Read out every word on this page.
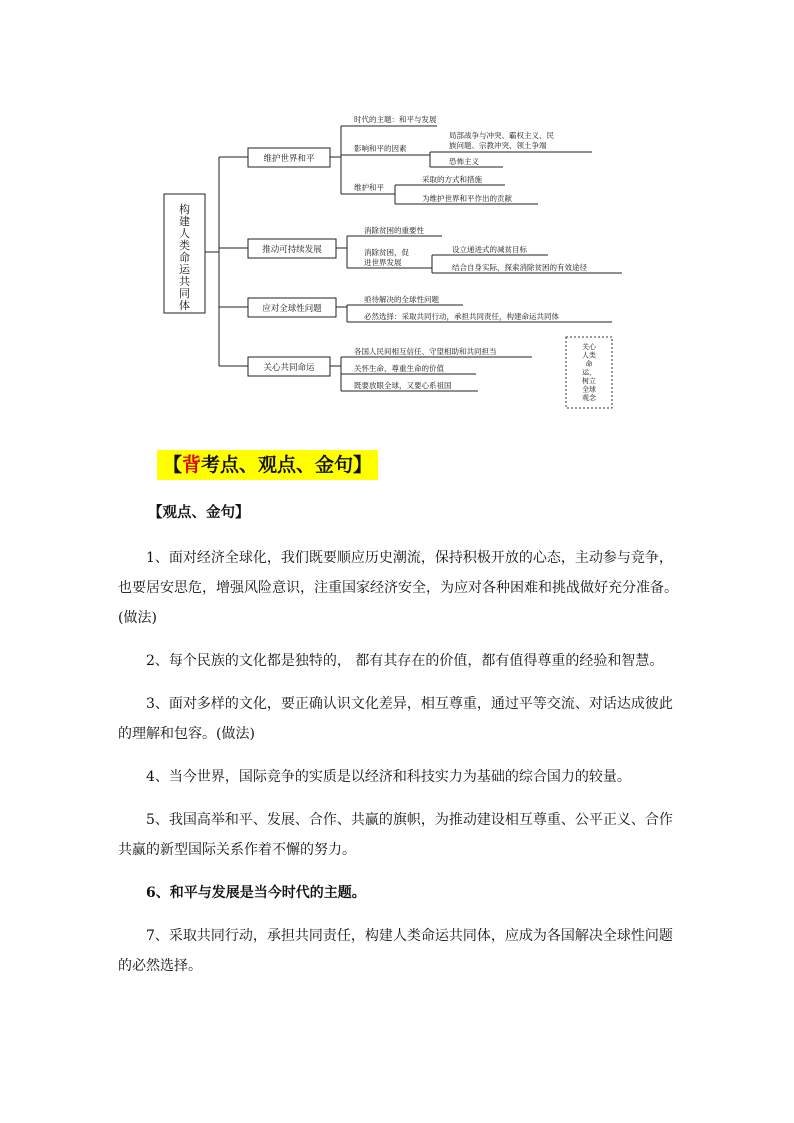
构建人类命运共同体
维护世界和平
推动可持续发展
应对全球性问题
关心共同命运
时代的主题：和平与发展
影响和平的因素
局部战争与冲突、霸权主义、民
族问题、宗教冲突、领土争端
恐怖主义
维护和平
采取的方式和措施
为维护世界和平作出的贡献
消除贫困的重要性
消除贫困，促
进世界发展
设立递进式的减贫目标
结合自身实际，探索消除贫困的有效途径
亟待解决的全球性问题
必然选择：采取共同行动，承担共同责任，构建命运共同体
各国人民间相互信任、守望相助和共同担当
关怀生命、尊重生命的价值
既要放眼全球，又要心系祖国
关心人类命运，树立全球观念
【背考点、观点、金句】
【观点、金句】

1、面对经济全球化，我们既要顺应历史潮流，保持积极开放的心态，主动参与竞争，也要居安思危，增强风险意识，注重国家经济安全，为应对各种困难和挑战做好充分准备。(做法)

2、每个民族的文化都是独特的， 都有其存在的价值，都有值得尊重的经验和智慧。

3、面对多样的文化，要正确认识文化差异，相互尊重，通过平等交流、对话达成彼此的理解和包容。(做法)

4、当今世界，国际竞争的实质是以经济和科技实力为基础的综合国力的较量。

5、我国高举和平、发展、合作、共赢的旗帜，为推动建设相互尊重、公平正义、合作共赢的新型国际关系作着不懈的努力。

6、和平与发展是当今时代的主题。

7、采取共同行动，承担共同责任，构建人类命运共同体，应成为各国解决全球性问题的必然选择。
